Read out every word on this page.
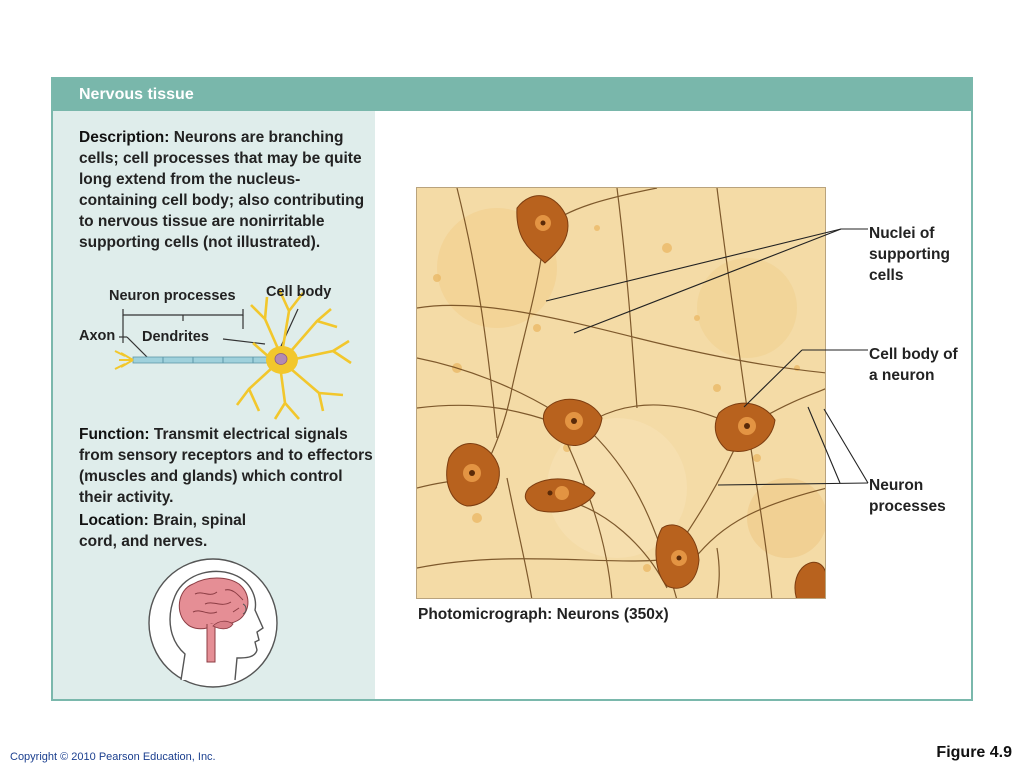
Nervous tissue

Description: Neurons are branching cells; cell processes that may be quite long extend from the nucleus-containing cell body; also contributing to nervous tissue are nonirritable supporting cells (not illustrated).

Neuron processes Cell body
Axon Dendrites

Function: Transmit electrical signals from sensory receptors and to effectors (muscles and glands) which control their activity.

Location: Brain, spinal cord, and nerves.

Nuclei of supporting cells
Cell body of a neuron
Neuron processes
Photomicrograph: Neurons (350x)
Copyright © 2010 Pearson Education, Inc.	Figure 4.9
